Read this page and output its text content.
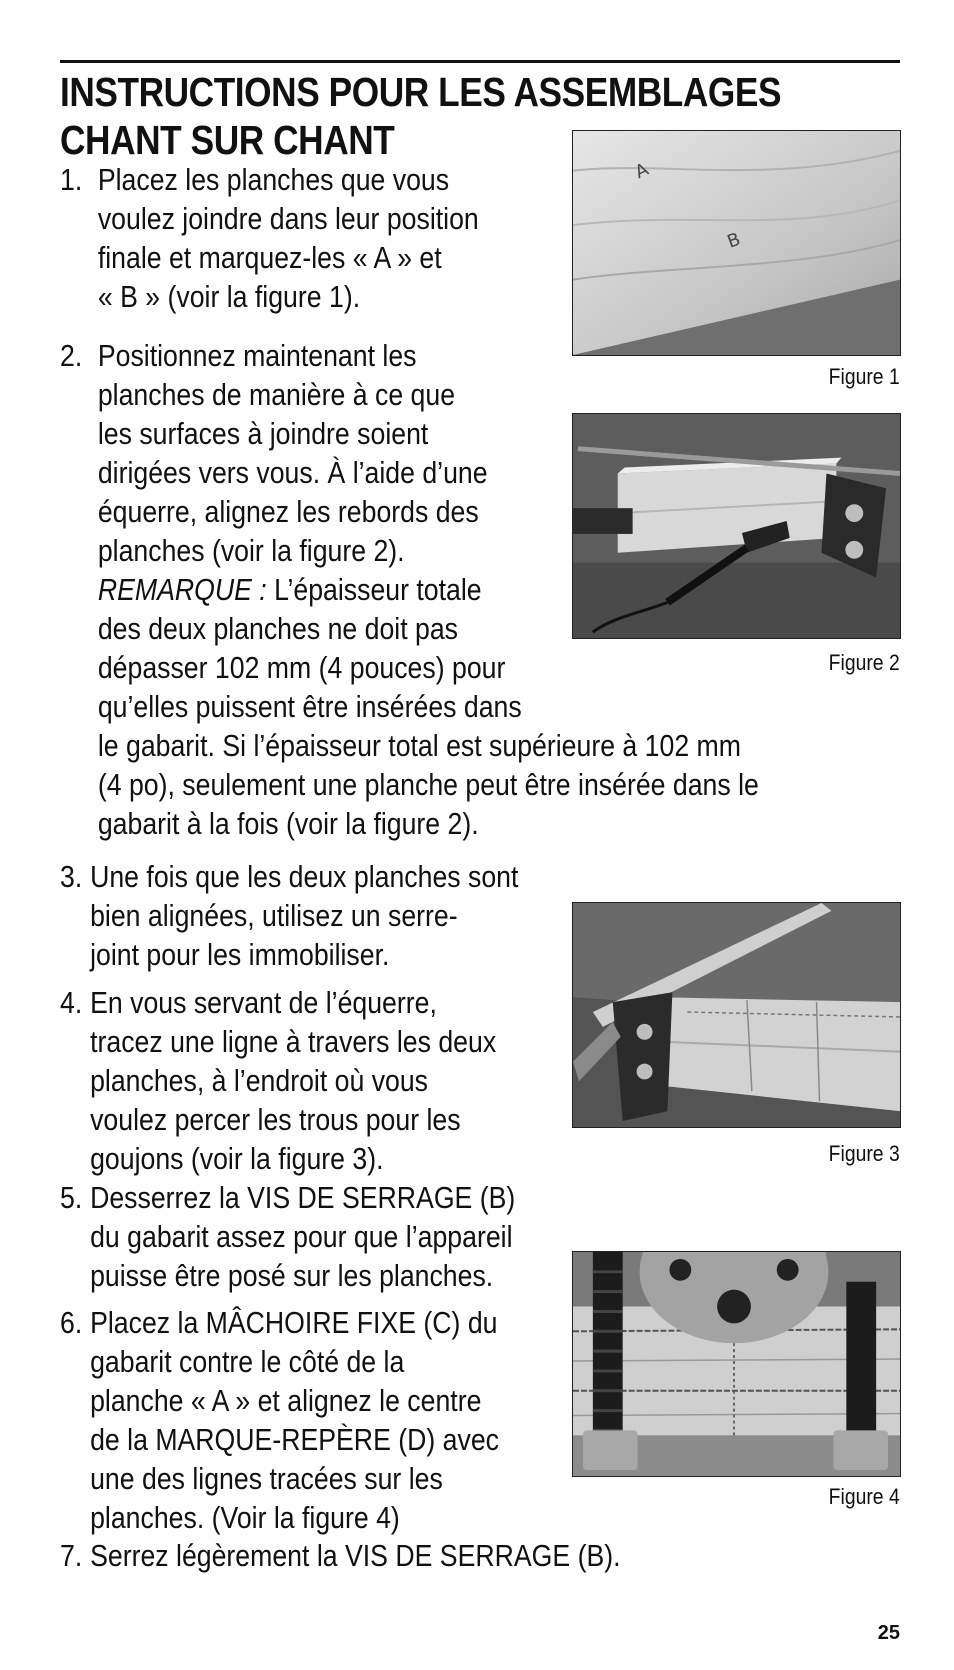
INSTRUCTIONS POUR LES ASSEMBLAGES
CHANT SUR CHANT
1. Placez les planches que vous
voulez joindre dans leur position
finale et marquez-les « A » et
« B » (voir la figure 1).
2. Positionnez maintenant les
planches de manière à ce que
les surfaces à joindre soient
dirigées vers vous. À l’aide d’une
équerre, alignez les rebords des
planches (voir la figure 2).
REMARQUE : L’épaisseur totale
des deux planches ne doit pas
dépasser 102 mm (4 pouces) pour
qu’elles puissent être insérées dans
le gabarit. Si l’épaisseur total est supérieure à 102 mm
(4 po), seulement une planche peut être insérée dans le
gabarit à la fois (voir la figure 2).
3. Une fois que les deux planches sont
bien alignées, utilisez un serre-
joint pour les immobiliser.
4. En vous servant de l’équerre,
tracez une ligne à travers les deux
planches, à l’endroit où vous
voulez percer les trous pour les
goujons (voir la figure 3).
5. Desserrez la VIS DE SERRAGE (B)
du gabarit assez pour que l’appareil
puisse être posé sur les planches.
6. Placez la MÂCHOIRE FIXE (C) du
gabarit contre le côté de la
planche « A » et alignez le centre
de la MARQUE-REPÈRE (D) avec
une des lignes tracées sur les
planches. (Voir la figure 4)
7. Serrez légèrement la VIS DE SERRAGE (B).
A
B
Figure 1
Figure 2
Figure 3
Figure 4
25
